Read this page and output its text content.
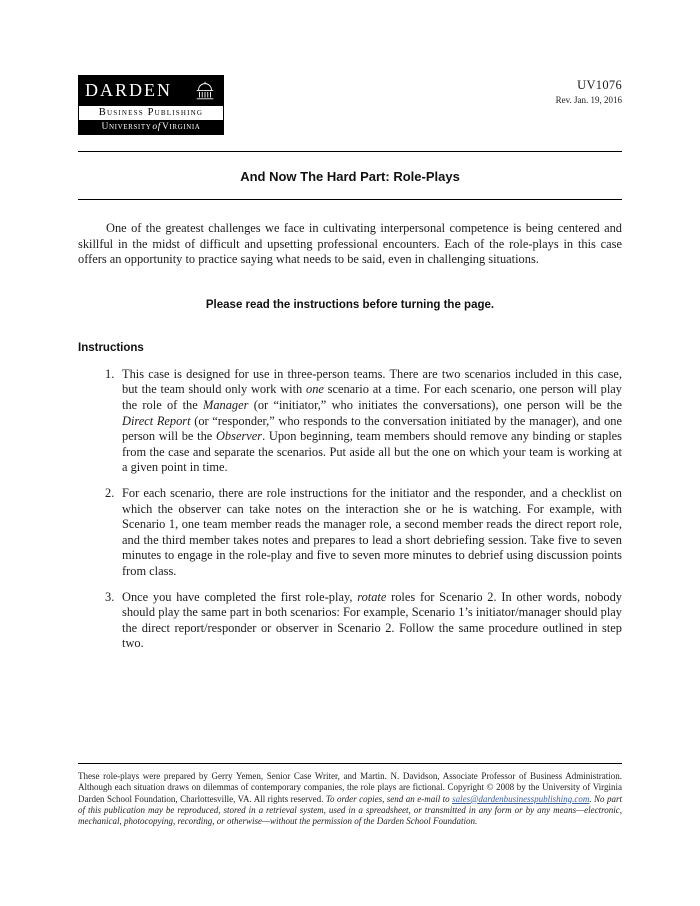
DARDEN
Business Publishing
UniversityofVirginia
UV1076
Rev. Jan. 19, 2016
And Now The Hard Part: Role-Plays

One of the greatest challenges we face in cultivating interpersonal competence is being centered and skillful in the midst of difficult and upsetting professional encounters. Each of the role-plays in this case offers an opportunity to practice saying what needs to be said, even in challenging situations.

Please read the instructions before turning the page.

Instructions
1. This case is designed for use in three-person teams. There are two scenarios included in this case, but the team should only work with one scenario at a time. For each scenario, one person will play the role of the Manager (or “initiator,” who initiates the conversations), one person will be the Direct Report (or “responder,” who responds to the conversation initiated by the manager), and one person will be the Observer. Upon beginning, team members should remove any binding or staples from the case and separate the scenarios. Put aside all but the one on which your team is working at a given point in time.
2. For each scenario, there are role instructions for the initiator and the responder, and a checklist on which the observer can take notes on the interaction she or he is watching. For example, with Scenario 1, one team member reads the manager role, a second member reads the direct report role, and the third member takes notes and prepares to lead a short debriefing session. Take five to seven minutes to engage in the role-play and five to seven more minutes to debrief using discussion points from class.
3. Once you have completed the first role-play, rotate roles for Scenario 2. In other words, nobody should play the same part in both scenarios: For example, Scenario 1’s initiator/manager should play the direct report/responder or observer in Scenario 2. Follow the same procedure outlined in step two.

These role-plays were prepared by Gerry Yemen, Senior Case Writer, and Martin. N. Davidson, Associate Professor of Business Administration. Although each situation draws on dilemmas of contemporary companies, the role plays are fictional. Copyright © 2008 by the University of Virginia Darden School Foundation, Charlottesville, VA. All rights reserved. To order copies, send an e-mail to sales@dardenbusinesspublishing.com. No part of this publication may be reproduced, stored in a retrieval system, used in a spreadsheet, or transmitted in any form or by any means—electronic, mechanical, photocopying, recording, or otherwise—without the permission of the Darden School Foundation.
